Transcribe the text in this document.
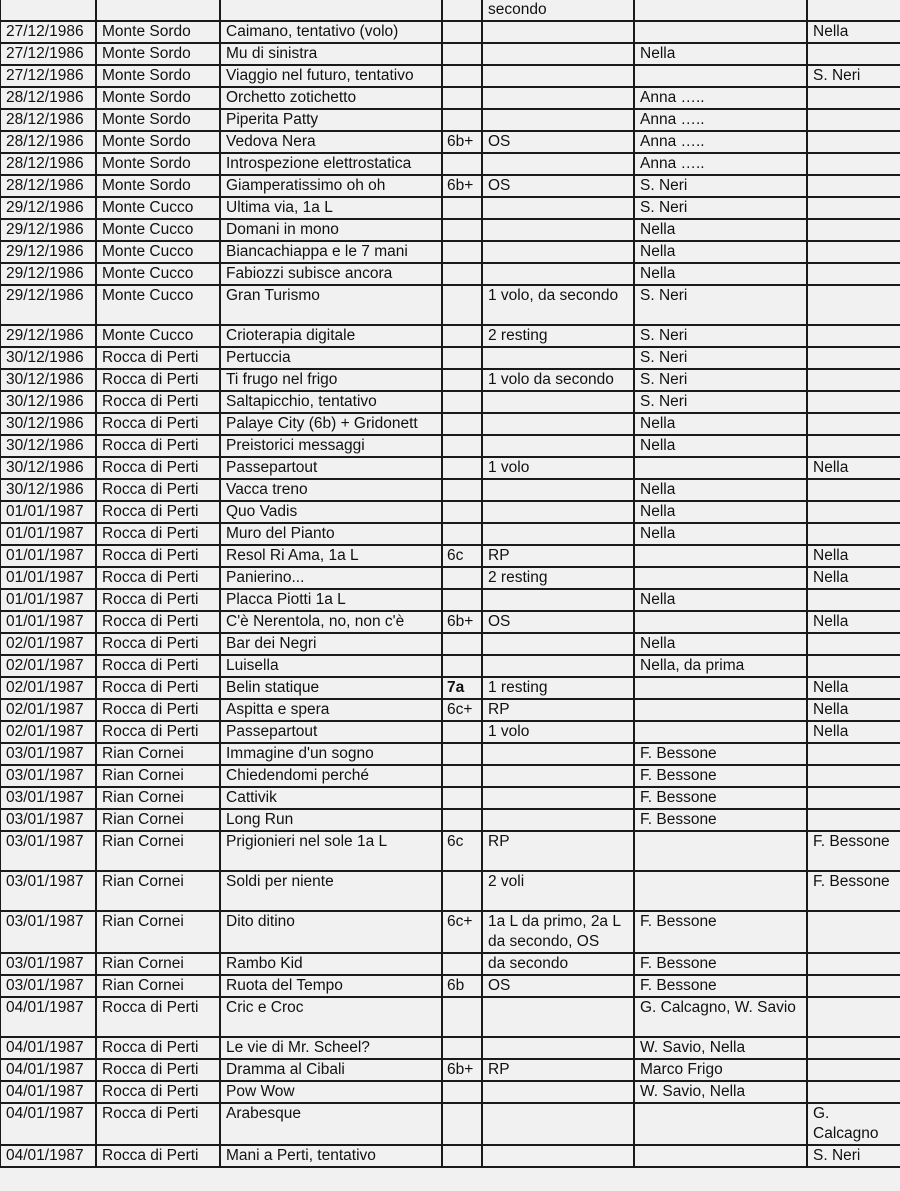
				secondo		
27/12/1986	Monte Sordo	Caimano, tentativo (volo)				Nella
27/12/1986	Monte Sordo	Mu di sinistra			Nella	
27/12/1986	Monte Sordo	Viaggio nel futuro, tentativo				S. Neri
28/12/1986	Monte Sordo	Orchetto zotichetto			Anna …..	
28/12/1986	Monte Sordo	Piperita Patty			Anna …..	
28/12/1986	Monte Sordo	Vedova Nera	6b+	OS	Anna …..	
28/12/1986	Monte Sordo	Introspezione elettrostatica			Anna …..	
28/12/1986	Monte Sordo	Giamperatissimo oh oh	6b+	OS	S. Neri	
29/12/1986	Monte Cucco	Ultima via, 1a L			S. Neri	
29/12/1986	Monte Cucco	Domani in mono			Nella	
29/12/1986	Monte Cucco	Biancachiappa e le 7 mani			Nella	
29/12/1986	Monte Cucco	Fabiozzi subisce ancora			Nella	
29/12/1986	Monte Cucco	Gran Turismo		1 volo, da secondo	S. Neri	
29/12/1986	Monte Cucco	Crioterapia digitale		2 resting	S. Neri	
30/12/1986	Rocca di Perti	Pertuccia			S. Neri	
30/12/1986	Rocca di Perti	Ti frugo nel frigo		1 volo da secondo	S. Neri	
30/12/1986	Rocca di Perti	Saltapicchio, tentativo			S. Neri	
30/12/1986	Rocca di Perti	Palaye City (6b) + Gridonett			Nella	
30/12/1986	Rocca di Perti	Preistorici messaggi			Nella	
30/12/1986	Rocca di Perti	Passepartout		1 volo		Nella
30/12/1986	Rocca di Perti	Vacca treno			Nella	
01/01/1987	Rocca di Perti	Quo Vadis			Nella	
01/01/1987	Rocca di Perti	Muro del Pianto			Nella	
01/01/1987	Rocca di Perti	Resol Ri Ama, 1a L	6c	RP		Nella
01/01/1987	Rocca di Perti	Panierino...		2 resting		Nella
01/01/1987	Rocca di Perti	Placca Piotti 1a L			Nella	
01/01/1987	Rocca di Perti	C'è Nerentola, no, non c'è	6b+	OS		Nella
02/01/1987	Rocca di Perti	Bar dei Negri			Nella	
02/01/1987	Rocca di Perti	Luisella			Nella, da prima	
02/01/1987	Rocca di Perti	Belin statique	7a	1 resting		Nella
02/01/1987	Rocca di Perti	Aspitta e spera	6c+	RP		Nella
02/01/1987	Rocca di Perti	Passepartout		1 volo		Nella
03/01/1987	Rian Cornei	Immagine d'un sogno			F. Bessone	
03/01/1987	Rian Cornei	Chiedendomi perché			F. Bessone	
03/01/1987	Rian Cornei	Cattivik			F. Bessone	
03/01/1987	Rian Cornei	Long Run			F. Bessone	
03/01/1987	Rian Cornei	Prigionieri nel sole 1a L	6c	RP		F. Bessone
03/01/1987	Rian Cornei	Soldi per niente		2 voli		F. Bessone
03/01/1987	Rian Cornei	Dito ditino	6c+	1a L da primo, 2a L da secondo, OS	F. Bessone	
03/01/1987	Rian Cornei	Rambo Kid		da secondo	F. Bessone	
03/01/1987	Rian Cornei	Ruota del Tempo	6b	OS	F. Bessone	
04/01/1987	Rocca di Perti	Cric e Croc			G. Calcagno, W. Savio	
04/01/1987	Rocca di Perti	Le vie di Mr. Scheel?			W. Savio, Nella	
04/01/1987	Rocca di Perti	Dramma al Cibali	6b+	RP	Marco Frigo	
04/01/1987	Rocca di Perti	Pow Wow			W. Savio, Nella	
04/01/1987	Rocca di Perti	Arabesque				G. Calcagno
04/01/1987	Rocca di Perti	Mani a Perti, tentativo				S. Neri
